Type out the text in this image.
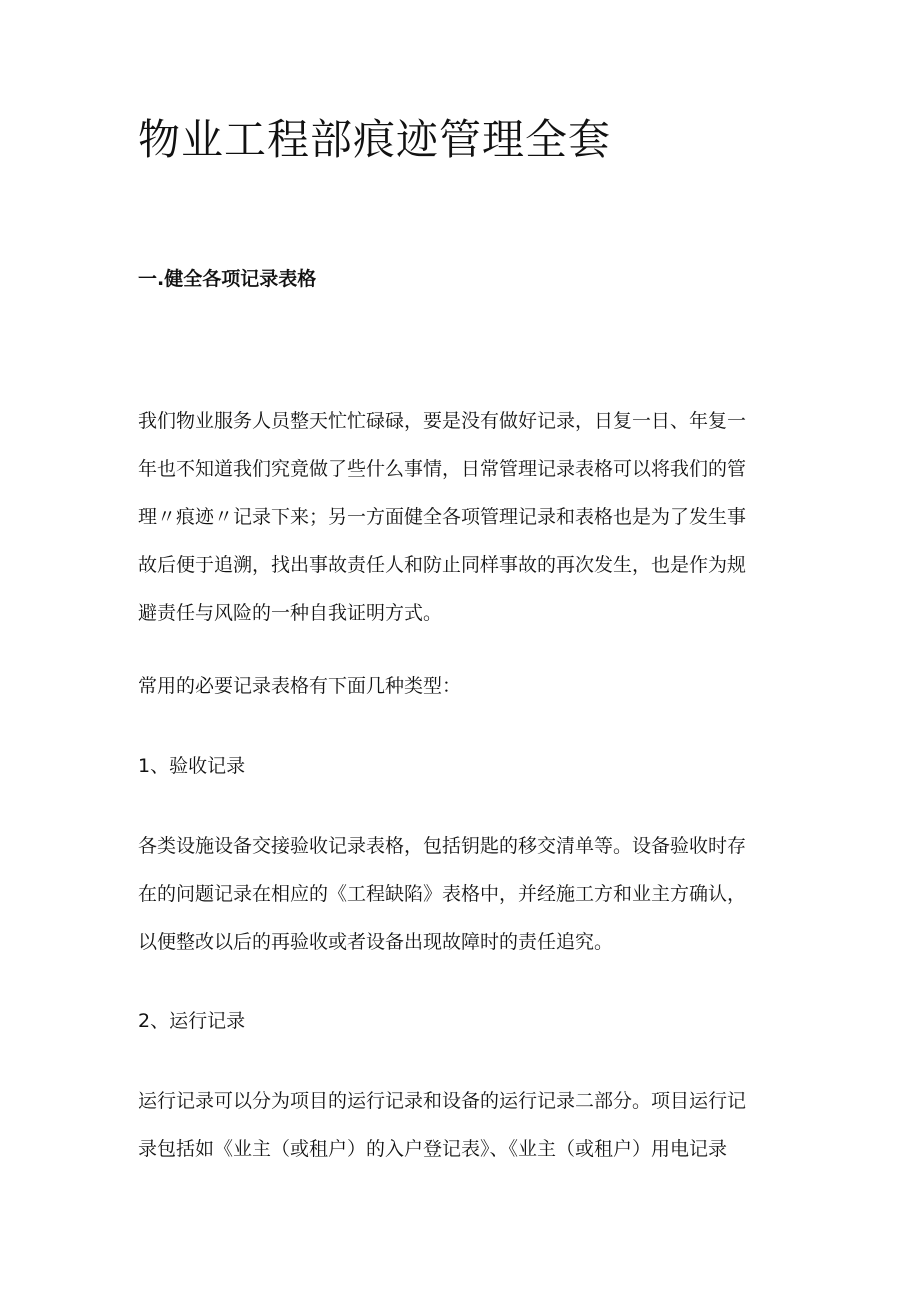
物业工程部痕迹管理全套
一.健全各项记录表格
我们物业服务人员整天忙忙碌碌，要是没有做好记录，日复一日、年复一
年也不知道我们究竟做了些什么事情，日常管理记录表格可以将我们的管
理〃痕迹〃记录下来；另一方面健全各项管理记录和表格也是为了发生事
故后便于追溯，找出事故责任人和防止同样事故的再次发生，也是作为规
避责任与风险的一种自我证明方式。

常用的必要记录表格有下面几种类型：

1、验收记录

各类设施设备交接验收记录表格，包括钥匙的移交清单等。设备验收时存
在的问题记录在相应的《工程缺陷》表格中，并经施工方和业主方确认，
以便整改以后的再验收或者设备出现故障时的责任追究。

2、运行记录

运行记录可以分为项目的运行记录和设备的运行记录二部分。项目运行记
录包括如《业主（或租户）的入户登记表》、《业主（或租户）用电记录
